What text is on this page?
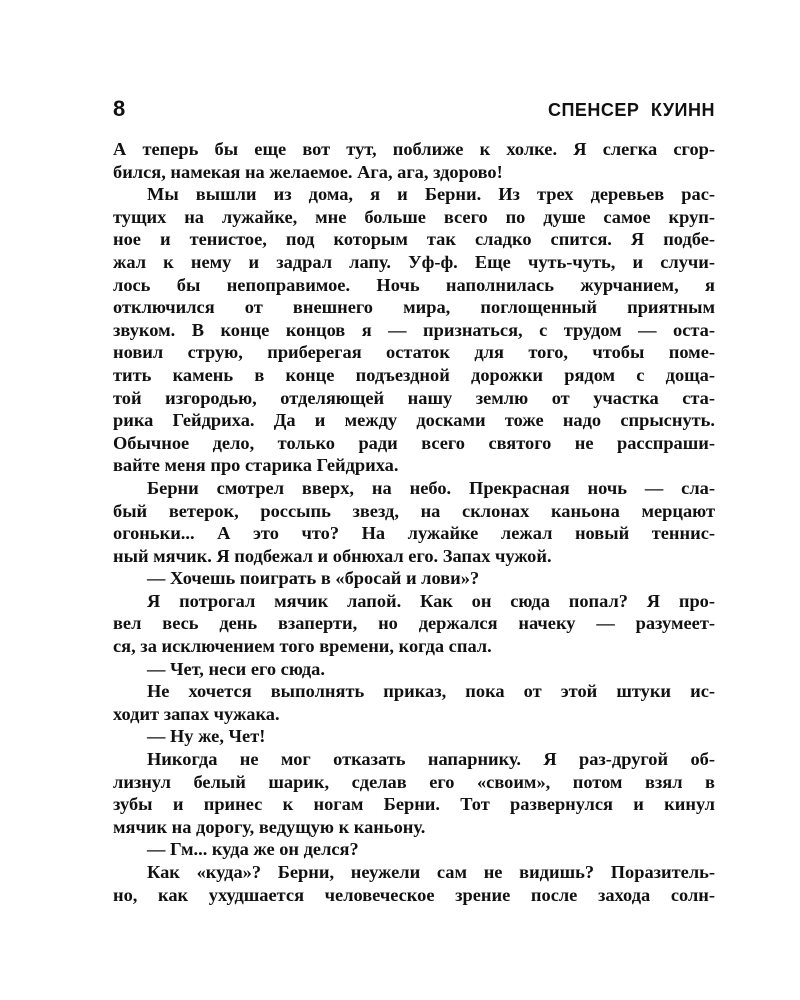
8	СПЕНСЕР КУИНН
А теперь бы еще вот тут, поближе к холке. Я слегка сгор-
бился, намекая на желаемое. Ага, ага, здорово!
Мы вышли из дома, я и Берни. Из трех деревьев рас-
тущих на лужайке, мне больше всего по душе самое круп-
ное и тенистое, под которым так сладко спится. Я подбе-
жал к нему и задрал лапу. Уф-ф. Еще чуть-чуть, и случи-
лось бы непоправимое. Ночь наполнилась журчанием, я
отключился от внешнего мира, поглощенный приятным
звуком. В конце концов я — признаться, с трудом — оста-
новил струю, приберегая остаток для того, чтобы поме-
тить камень в конце подъездной дорожки рядом с доща-
той изгородью, отделяющей нашу землю от участка ста-
рика Гейдриха. Да и между досками тоже надо спрыснуть.
Обычное дело, только ради всего святого не расспраши-
вайте меня про старика Гейдриха.
Берни смотрел вверх, на небо. Прекрасная ночь — сла-
бый ветерок, россыпь звезд, на склонах каньона мерцают
огоньки... А это что? На лужайке лежал новый теннис-
ный мячик. Я подбежал и обнюхал его. Запах чужой.
— Хочешь поиграть в «бросай и лови»?
Я потрогал мячик лапой. Как он сюда попал? Я про-
вел весь день взаперти, но держался начеку — разумеет-
ся, за исключением того времени, когда спал.
— Чет, неси его сюда.
Не хочется выполнять приказ, пока от этой штуки ис-
ходит запах чужака.
— Ну же, Чет!
Никогда не мог отказать напарнику. Я раз-другой об-
лизнул белый шарик, сделав его «своим», потом взял в
зубы и принес к ногам Берни. Тот развернулся и кинул
мячик на дорогу, ведущую к каньону.
— Гм... куда же он делся?
Как «куда»? Берни, неужели сам не видишь? Поразитель-
но, как ухудшается человеческое зрение после захода солн-
